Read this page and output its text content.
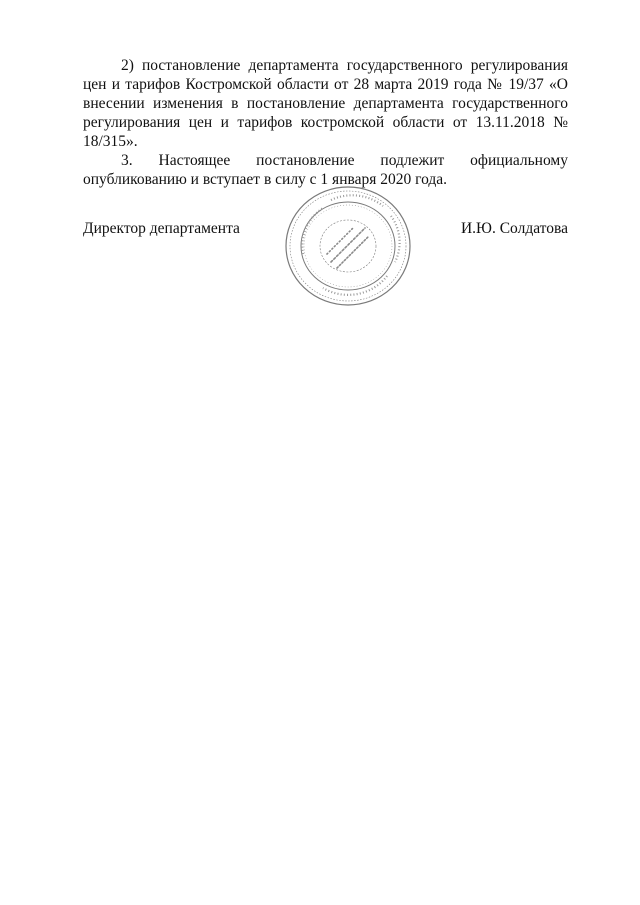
2) постановление департамента государственного регулирования цен и тарифов Костромской области от 28 марта 2019 года № 19/37 «О внесении изменения в постановление департамента государственного регулирования цен и тарифов костромской области от 13.11.2018 № 18/315».

3. Настоящее постановление подлежит официальному опубликованию и вступает в силу с 1 января 2020 года.

Директор департамента	И.Ю. Солдатова
